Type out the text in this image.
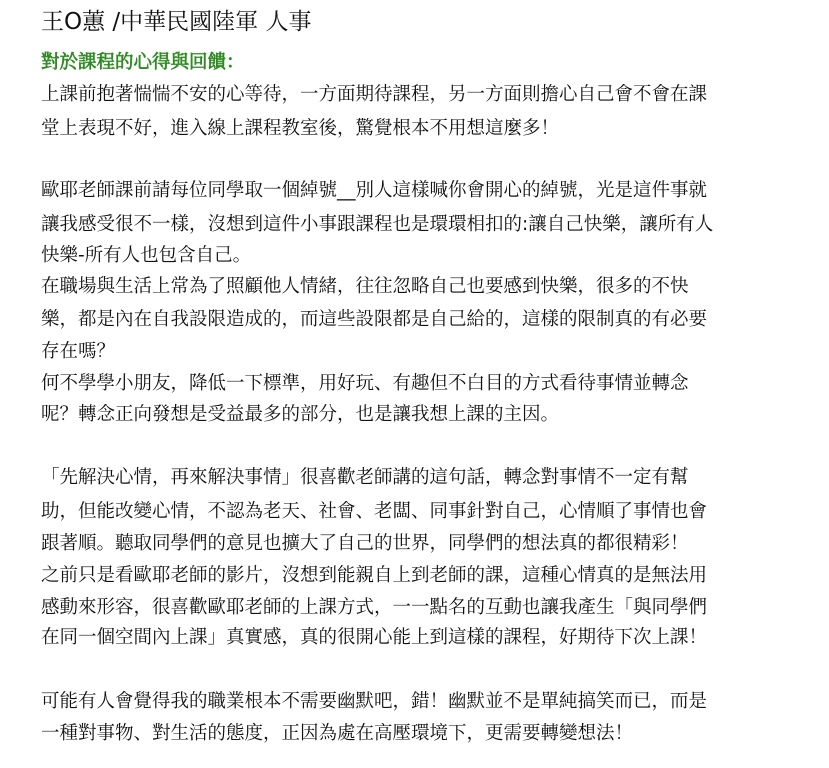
王O蕙 /中華民國陸軍 人事
對於課程的心得與回饋：
上課前抱著惴惴不安的心等待，一方面期待課程，另一方面則擔心自己會不會在課
堂上表現不好，進入線上課程教室後，驚覺根本不用想這麼多！
歐耶老師課前請每位同學取一個綽號__別人這樣喊你會開心的綽號，光是這件事就
讓我感受很不一樣，沒想到這件小事跟課程也是環環相扣的:讓自己快樂，讓所有人
快樂-所有人也包含自己。
在職場與生活上常為了照顧他人情緒，往往忽略自己也要感到快樂，很多的不快
樂，都是內在自我設限造成的，而這些設限都是自己給的，這樣的限制真的有必要
存在嗎？
何不學學小朋友，降低一下標準，用好玩、有趣但不白目的方式看待事情並轉念
呢？轉念正向發想是受益最多的部分，也是讓我想上課的主因。
「先解決心情，再來解決事情」很喜歡老師講的這句話，轉念對事情不一定有幫
助，但能改變心情，不認為老天、社會、老闆、同事針對自己，心情順了事情也會
跟著順。聽取同學們的意見也擴大了自己的世界，同學們的想法真的都很精彩！
之前只是看歐耶老師的影片，沒想到能親自上到老師的課，這種心情真的是無法用
感動來形容，很喜歡歐耶老師的上課方式，一一點名的互動也讓我產生「與同學們
在同一個空間內上課」真實感，真的很開心能上到這樣的課程，好期待下次上課！
可能有人會覺得我的職業根本不需要幽默吧，錯！幽默並不是單純搞笑而已，而是
一種對事物、對生活的態度，正因為處在高壓環境下，更需要轉變想法！
